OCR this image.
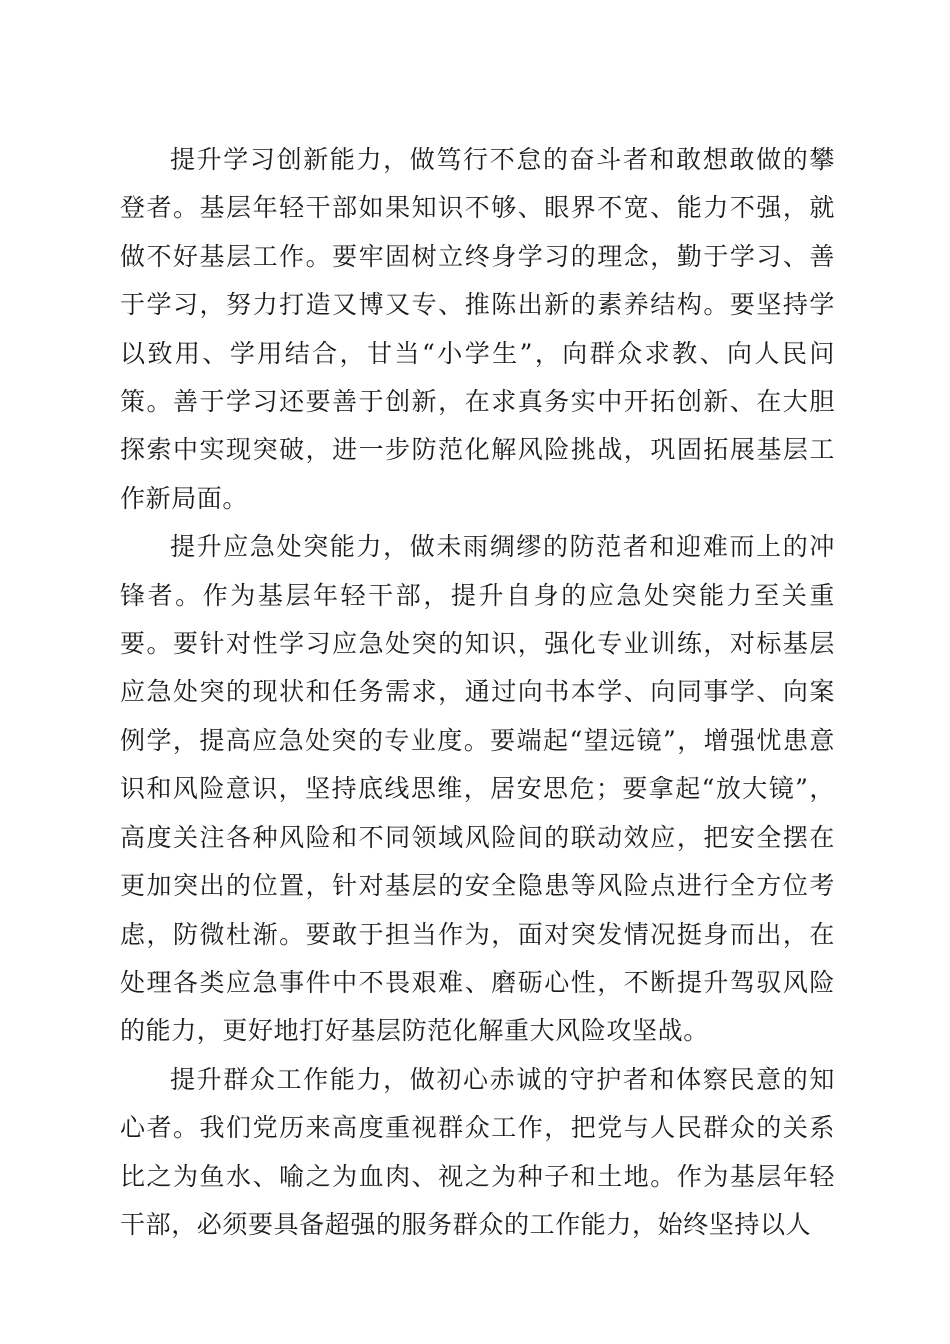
提升学习创新能力，做笃行不怠的奋斗者和敢想敢做的攀登者。基层年轻干部如果知识不够、眼界不宽、能力不强，就做不好基层工作。要牢固树立终身学习的理念，勤于学习、善于学习，努力打造又博又专、推陈出新的素养结构。要坚持学以致用、学用结合，甘当“小学生”，向群众求教、向人民问策。善于学习还要善于创新，在求真务实中开拓创新、在大胆探索中实现突破，进一步防范化解风险挑战，巩固拓展基层工作新局面。

提升应急处突能力，做未雨绸缪的防范者和迎难而上的冲锋者。作为基层年轻干部，提升自身的应急处突能力至关重要。要针对性学习应急处突的知识，强化专业训练，对标基层应急处突的现状和任务需求，通过向书本学、向同事学、向案例学，提高应急处突的专业度。要端起“望远镜”，增强忧患意识和风险意识，坚持底线思维，居安思危；要拿起“放大镜”，高度关注各种风险和不同领域风险间的联动效应，把安全摆在更加突出的位置，针对基层的安全隐患等风险点进行全方位考虑，防微杜渐。要敢于担当作为，面对突发情况挺身而出，在处理各类应急事件中不畏艰难、磨砺心性，不断提升驾驭风险的能力，更好地打好基层防范化解重大风险攻坚战。

提升群众工作能力，做初心赤诚的守护者和体察民意的知心者。我们党历来高度重视群众工作，把党与人民群众的关系比之为鱼水、喻之为血肉、视之为种子和土地。作为基层年轻干部，必须要具备超强的服务群众的工作能力，始终坚持以人
